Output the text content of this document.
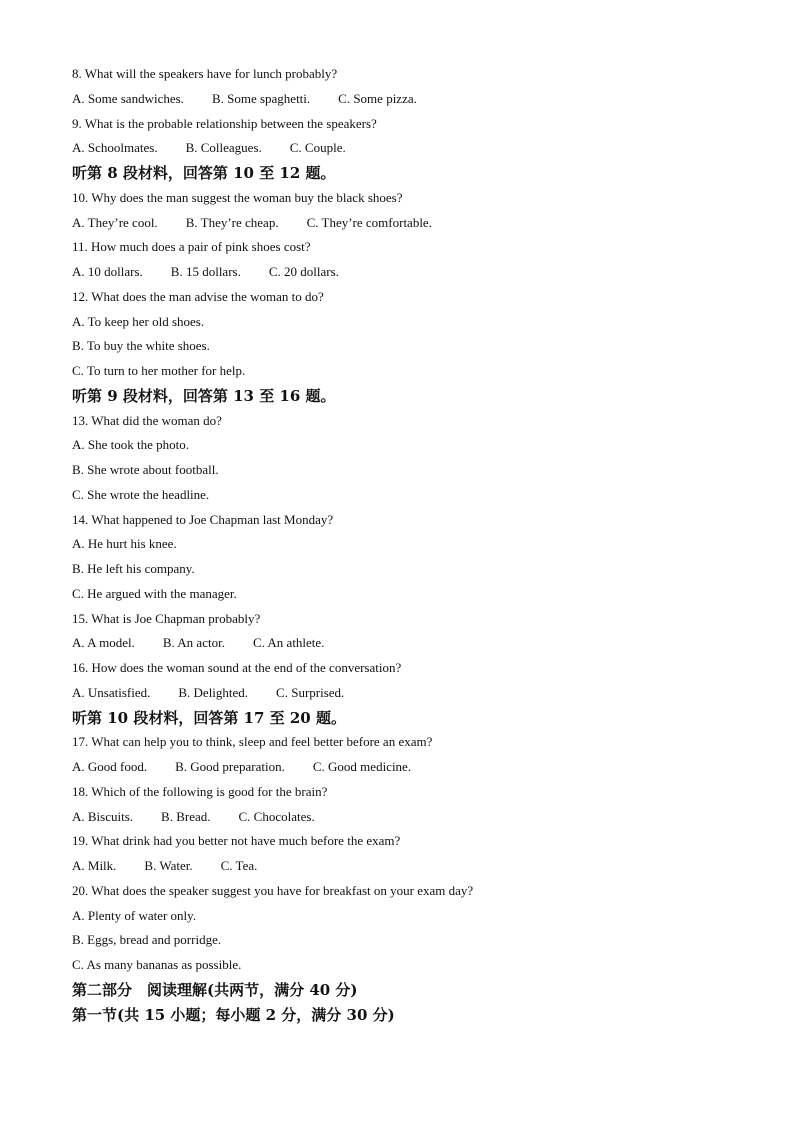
8. What will the speakers have for lunch probably?
A. Some sandwiches. B. Some spaghetti. C. Some pizza.
9. What is the probable relationship between the speakers?
A. Schoolmates. B. Colleagues. C. Couple.
听第 8 段材料，回答第 10 至 12 题。
10. Why does the man suggest the woman buy the black shoes?
A. They’re cool. B. They’re cheap. C. They’re comfortable.
11. How much does a pair of pink shoes cost?
A. 10 dollars. B. 15 dollars. C. 20 dollars.
12. What does the man advise the woman to do?
A. To keep her old shoes.
B. To buy the white shoes.
C. To turn to her mother for help.
听第 9 段材料，回答第 13 至 16 题。
13. What did the woman do?
A. She took the photo.
B. She wrote about football.
C. She wrote the headline.
14. What happened to Joe Chapman last Monday?
A. He hurt his knee.
B. He left his company.
C. He argued with the manager.
15. What is Joe Chapman probably?
A. A model. B. An actor. C. An athlete.
16. How does the woman sound at the end of the conversation?
A. Unsatisfied. B. Delighted. C. Surprised.
听第 10 段材料，回答第 17 至 20 题。
17. What can help you to think, sleep and feel better before an exam?
A. Good food. B. Good preparation. C. Good medicine.
18. Which of the following is good for the brain?
A. Biscuits. B. Bread. C. Chocolates.
19. What drink had you better not have much before the exam?
A. Milk. B. Water. C. Tea.
20. What does the speaker suggest you have for breakfast on your exam day?
A. Plenty of water only.
B. Eggs, bread and porridge.
C. As many bananas as possible.
第二部分　阅读理解(共两节，满分 40 分)
第一节(共 15 小题；每小题 2 分，满分 30 分)
